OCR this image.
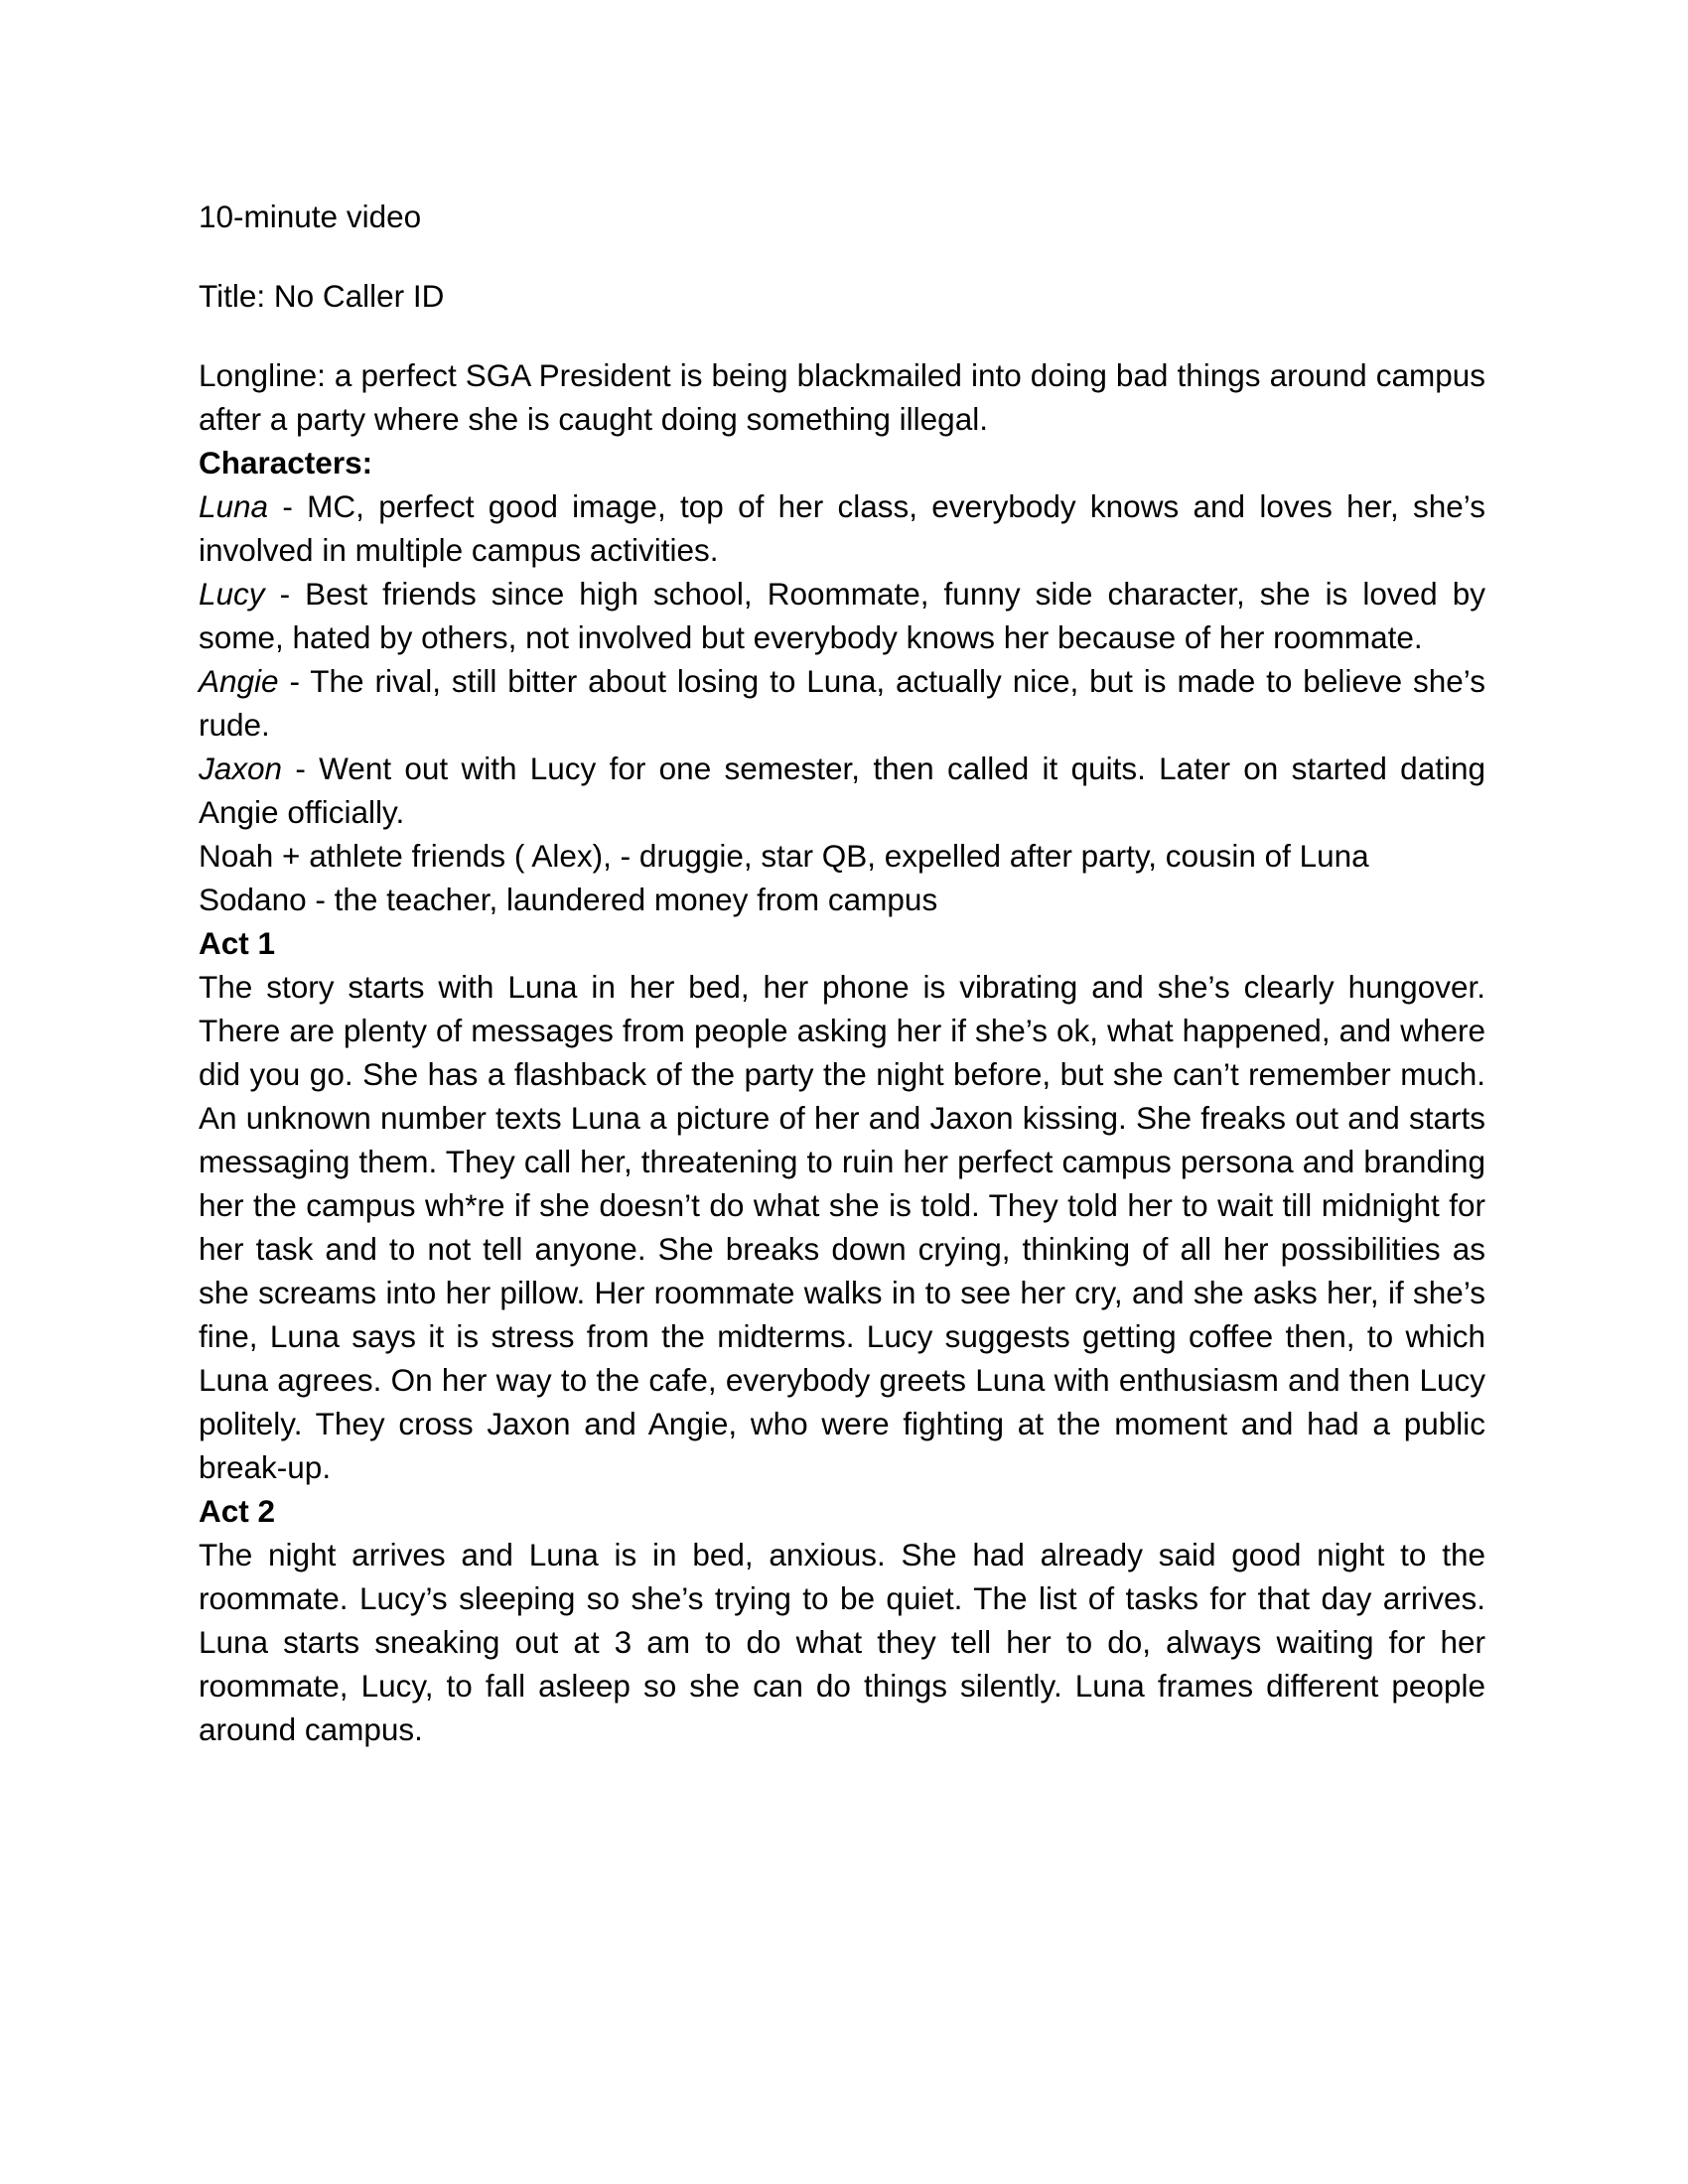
10-minute video

Title: No Caller ID

Longline: a perfect SGA President is being blackmailed into doing bad things around campus after a party where she is caught doing something illegal.

Characters:

Luna - MC, perfect good image, top of her class, everybody knows and loves her, she’s involved in multiple campus activities.

Lucy - Best friends since high school, Roommate, funny side character, she is loved by some, hated by others, not involved but everybody knows her because of her roommate.

Angie - The rival, still bitter about losing to Luna, actually nice, but is made to believe she’s rude.

Jaxon - Went out with Lucy for one semester, then called it quits. Later on started dating Angie officially.

Noah + athlete friends ( Alex), - druggie, star QB, expelled after party, cousin of Luna

Sodano - the teacher, laundered money from campus

Act 1

The story starts with Luna in her bed, her phone is vibrating and she’s clearly hungover. There are plenty of messages from people asking her if she’s ok, what happened, and where did you go. She has a flashback of the party the night before, but she can’t remember much. An unknown number texts Luna a picture of her and Jaxon kissing. She freaks out and starts messaging them. They call her, threatening to ruin her perfect campus persona and branding her the campus wh*re if she doesn’t do what she is told. They told her to wait till midnight for her task and to not tell anyone. She breaks down crying, thinking of all her possibilities as she screams into her pillow. Her roommate walks in to see her cry, and she asks her, if she’s fine, Luna says it is stress from the midterms. Lucy suggests getting coffee then, to which Luna agrees. On her way to the cafe, everybody greets Luna with enthusiasm and then Lucy politely. They cross Jaxon and Angie, who were fighting at the moment and had a public break-up.

Act 2

The night arrives and Luna is in bed, anxious. She had already said good night to the roommate. Lucy’s sleeping so she’s trying to be quiet. The list of tasks for that day arrives. Luna starts sneaking out at 3 am to do what they tell her to do, always waiting for her roommate, Lucy, to fall asleep so she can do things silently. Luna frames different people around campus.
